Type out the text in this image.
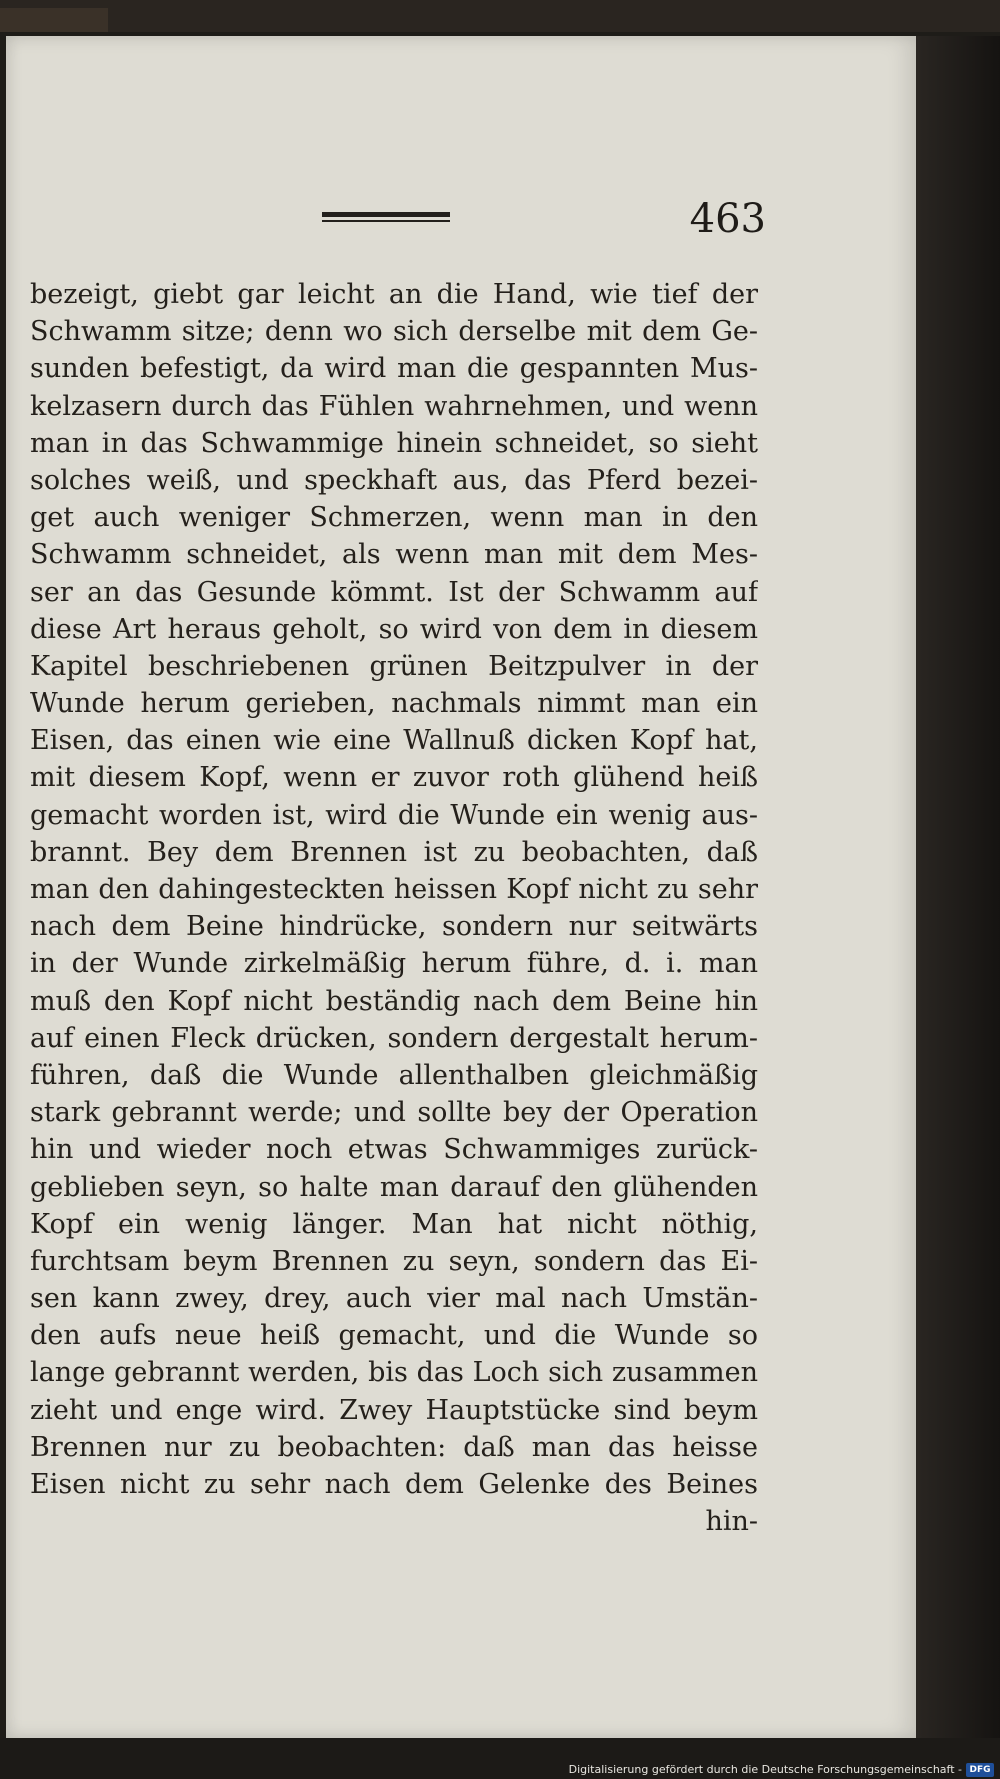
463
bezeigt, giebt gar leicht an die Hand, wie tief der
Schwamm sitze; denn wo sich derselbe mit dem Ge-
sunden befestigt, da wird man die gespannten Mus-
kelzasern durch das Fühlen wahrnehmen, und wenn
man in das Schwammige hinein schneidet, so sieht
solches weiß, und speckhaft aus, das Pferd bezei-
get auch weniger Schmerzen, wenn man in den
Schwamm schneidet, als wenn man mit dem Mes-
ser an das Gesunde kömmt. Ist der Schwamm auf
diese Art heraus geholt, so wird von dem in diesem
Kapitel beschriebenen grünen Beitzpulver in der
Wunde herum gerieben, nachmals nimmt man ein
Eisen, das einen wie eine Wallnuß dicken Kopf hat,
mit diesem Kopf, wenn er zuvor roth glühend heiß
gemacht worden ist, wird die Wunde ein wenig aus-
brannt. Bey dem Brennen ist zu beobachten, daß
man den dahingesteckten heissen Kopf nicht zu sehr
nach dem Beine hindrücke, sondern nur seitwärts
in der Wunde zirkelmäßig herum führe, d. i. man
muß den Kopf nicht beständig nach dem Beine hin
auf einen Fleck drücken, sondern dergestalt herum-
führen, daß die Wunde allenthalben gleichmäßig
stark gebrannt werde; und sollte bey der Operation
hin und wieder noch etwas Schwammiges zurück-
geblieben seyn, so halte man darauf den glühenden
Kopf ein wenig länger. Man hat nicht nöthig,
furchtsam beym Brennen zu seyn, sondern das Ei-
sen kann zwey, drey, auch vier mal nach Umstän-
den aufs neue heiß gemacht, und die Wunde so
lange gebrannt werden, bis das Loch sich zusammen
zieht und enge wird. Zwey Hauptstücke sind beym
Brennen nur zu beobachten: daß man das heisse
Eisen nicht zu sehr nach dem Gelenke des Beines
hin-
Digitalisierung gefördert durch die Deutsche Forschungsgemeinschaft - DFG
